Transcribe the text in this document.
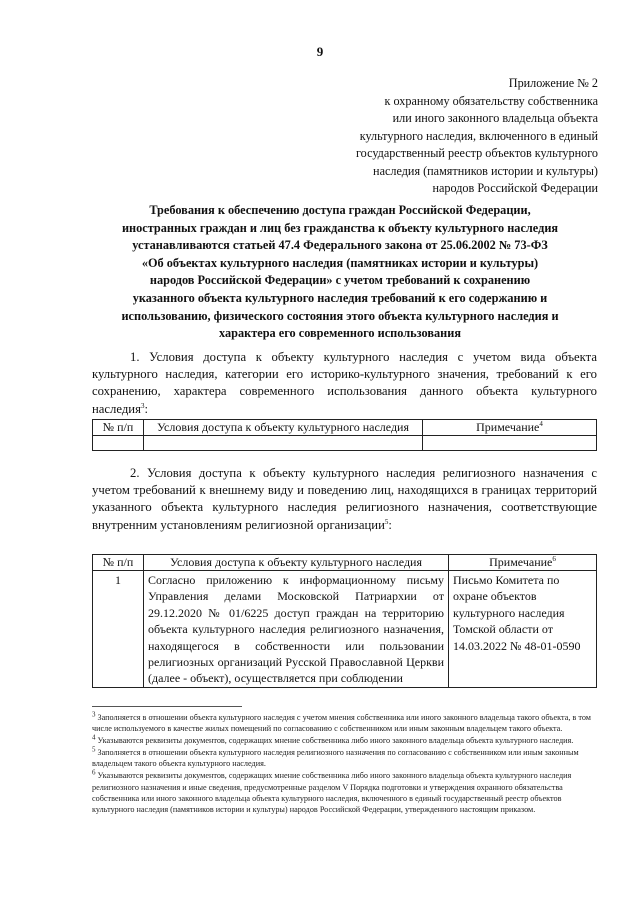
9
Приложение № 2
к охранному обязательству собственника
или иного законного владельца объекта
культурного наследия, включенного в единый
государственный реестр объектов культурного
наследия (памятников истории и культуры)
народов Российской Федерации
Требования к обеспечению доступа граждан Российской Федерации,
иностранных граждан и лиц без гражданства к объекту культурного наследия
устанавливаются статьей 47.4 Федерального закона от 25.06.2002 № 73-ФЗ
«Об объектах культурного наследия (памятниках истории и культуры)
народов Российской Федерации» с учетом требований к сохранению
указанного объекта культурного наследия требований к его содержанию и
использованию, физического состояния этого объекта культурного наследия и
характера его современного использования
1. Условия доступа к объекту культурного наследия с учетом вида объекта культурного наследия, категории его историко-культурного значения, требований к его сохранению, характера современного использования данного объекта культурного наследия$^3$:
№ п/п	Условия доступа к объекту культурного наследия	Примечание$^4$

2. Условия доступа к объекту культурного наследия религиозного назначения с учетом требований к внешнему виду и поведению лиц, находящихся в границах территорий указанного объекта культурного наследия религиозного назначения, соответствующие внутренним установлениям религиозной организации$^5$:
№ п/п	Условия доступа к объекту культурного наследия	Примечание$^6$
1	Согласно приложению к информационному письму Управления делами Московской Патриархии от 29.12.2020 № 01/6225 доступ граждан на территорию объекта культурного наследия религиозного назначения, находящегося в собственности или пользовании религиозных организаций Русской Православной Церкви (далее - объект), осуществляется при соблюдении	Письмо Комитета по охране объектов культурного наследия Томской области от 14.03.2022 № 48-01-0590

$^3$ Заполняется в отношении объекта культурного наследия с учетом мнения собственника или иного законного владельца такого объекта, в том числе используемого в качестве жилых помещений по согласованию с собственником или иным законным владельцем такого объекта.

$^4$ Указываются реквизиты документов, содержащих мнение собственника либо иного законного владельца объекта культурного наследия.

$^5$ Заполняется в отношении объекта культурного наследия религиозного назначения по согласованию с собственником или иным законным владельцем такого объекта культурного наследия.

$^6$ Указываются реквизиты документов, содержащих мнение собственника либо иного законного владельца объекта культурного наследия религиозного назначения и иные сведения, предусмотренные разделом V Порядка подготовки и утверждения охранного обязательства собственника или иного законного владельца объекта культурного наследия, включенного в единый государственный реестр объектов культурного наследия (памятников истории и культуры) народов Российской Федерации, утвержденного настоящим приказом.
